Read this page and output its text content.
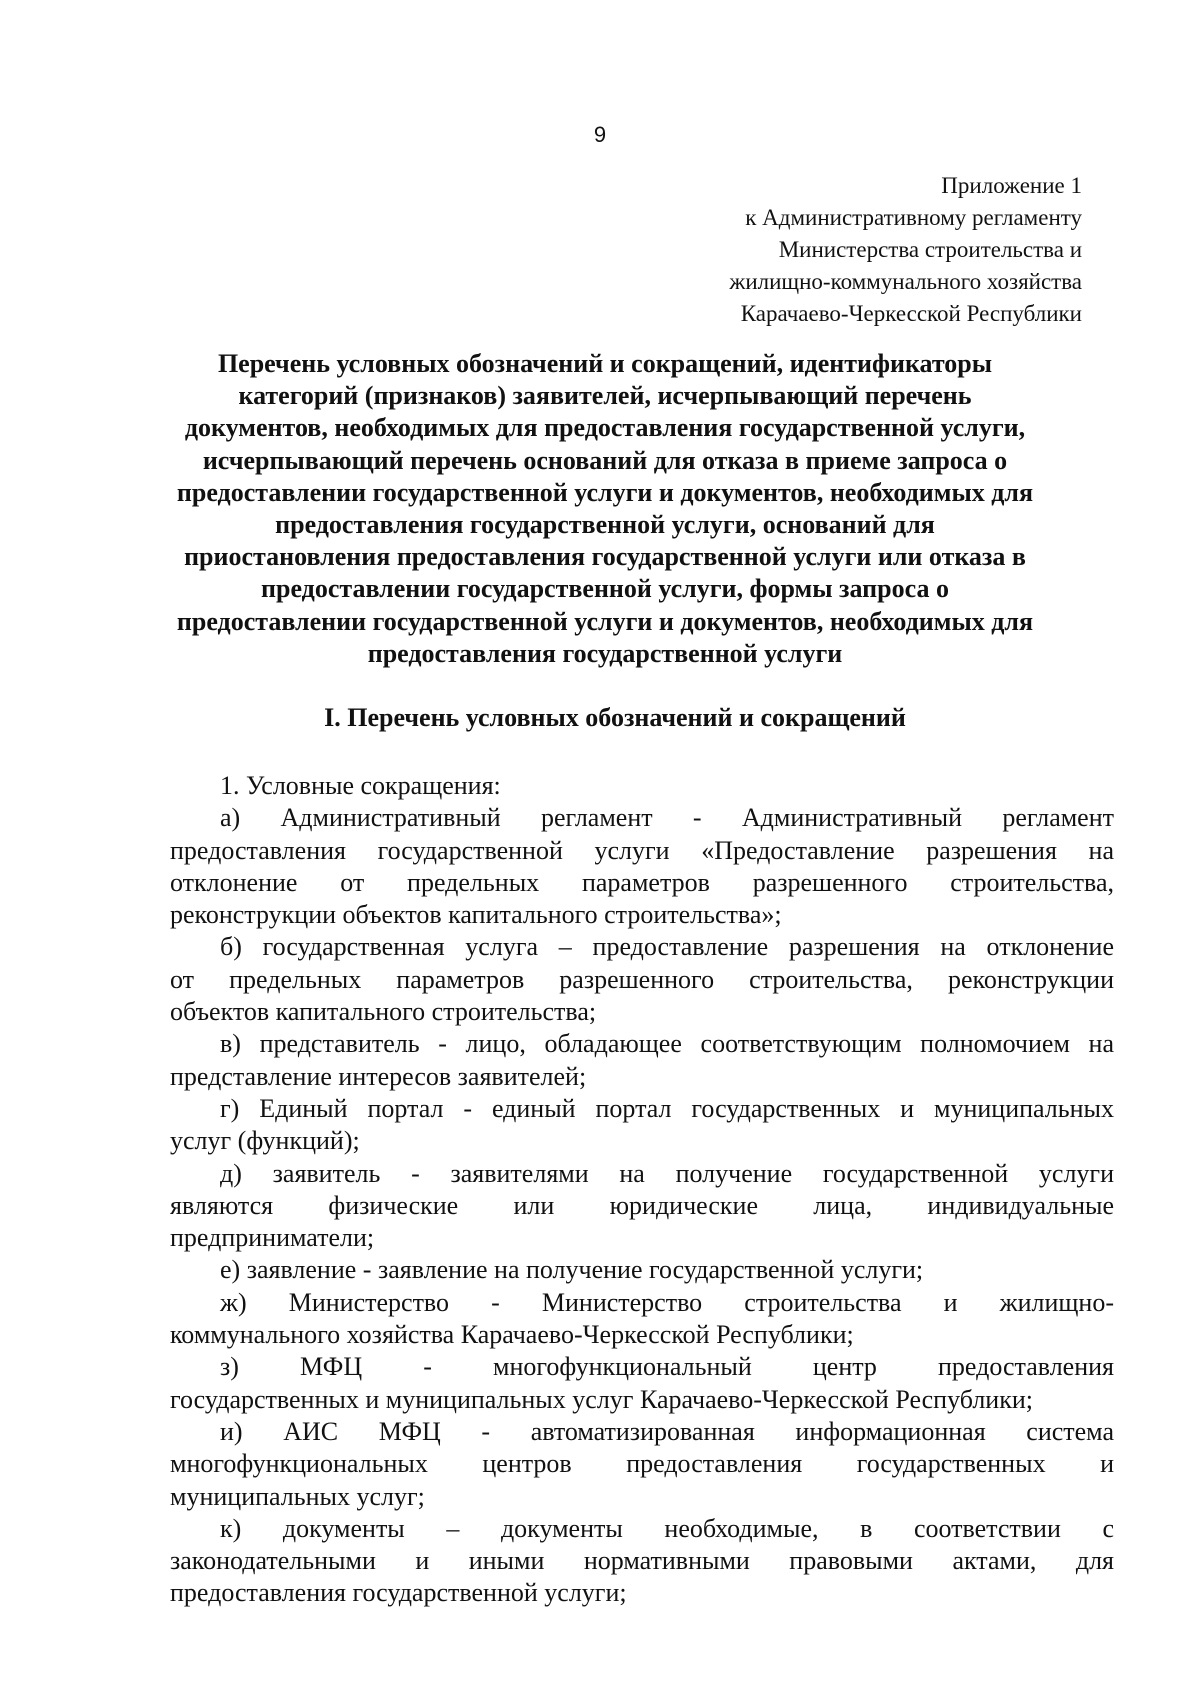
9
Приложение 1
к Административному регламенту
Министерства строительства и
жилищно-коммунального хозяйства
Карачаево-Черкесской Республики
Перечень условных обозначений и сокращений, идентификаторы
категорий (признаков) заявителей, исчерпывающий перечень
документов, необходимых для предоставления государственной услуги,
исчерпывающий перечень оснований для отказа в приеме запроса о
предоставлении государственной услуги и документов, необходимых для
предоставления государственной услуги, оснований для
приостановления предоставления государственной услуги или отказа в
предоставлении государственной услуги, формы запроса о
предоставлении государственной услуги и документов, необходимых для
предоставления государственной услуги
I. Перечень условных обозначений и сокращений
1. Условные сокращения:
а) Административный регламент - Административный регламент
предоставления государственной услуги «Предоставление разрешения на
отклонение от предельных параметров разрешенного строительства,
реконструкции объектов капитального строительства»;
б) государственная услуга – предоставление разрешения на отклонение
от предельных параметров разрешенного строительства, реконструкции
объектов капитального строительства;
в) представитель - лицо, обладающее соответствующим полномочием на
представление интересов заявителей;
г) Единый портал - единый портал государственных и муниципальных
услуг (функций);
д) заявитель - заявителями на получение государственной услуги
являются физические или юридические лица, индивидуальные
предприниматели;
е) заявление - заявление на получение государственной услуги;
ж) Министерство - Министерство строительства и жилищно-
коммунального хозяйства Карачаево-Черкесской Республики;
з) МФЦ - многофункциональный центр предоставления
государственных и муниципальных услуг Карачаево-Черкесской Республики;
и) АИС МФЦ - автоматизированная информационная система
многофункциональных центров предоставления государственных и
муниципальных услуг;
к) документы – документы необходимые, в соответствии с
законодательными и иными нормативными правовыми актами, для
предоставления государственной услуги;
